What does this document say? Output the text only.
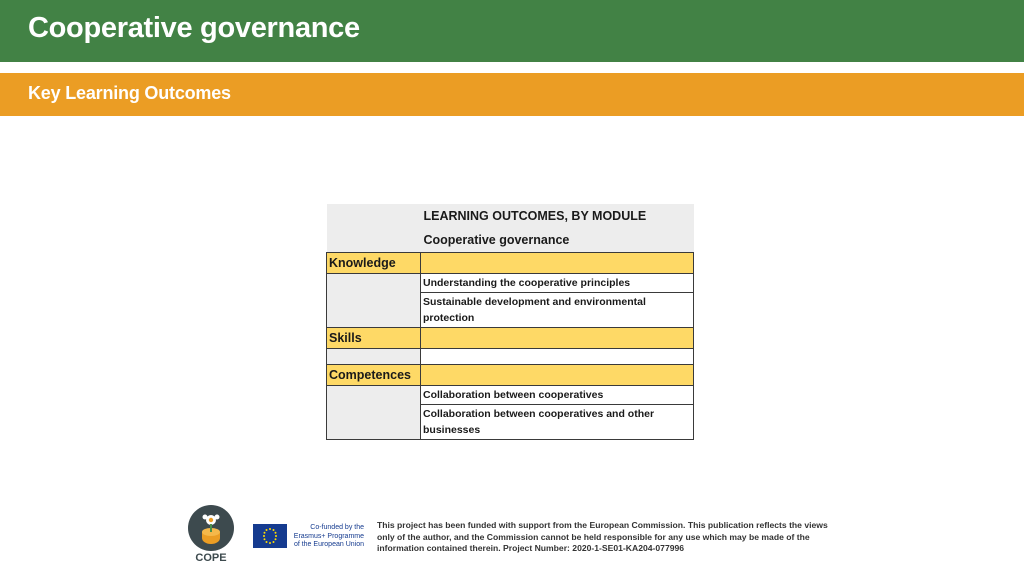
Cooperative governance
Key Learning Outcomes
	LEARNING OUTCOMES, BY MODULE
	Cooperative governance
Knowledge	
	Understanding the cooperative principles
	Sustainable development and environmental protection
Skills	

Competences	
	Collaboration between cooperatives
	Collaboration between cooperatives and other businesses
COPE
Co-funded by the
Erasmus+ Programme
of the European Union
This project has been funded with support from the European Commission. This publication reflects the views only of the author, and the Commission cannot be held responsible for any use which may be made of the information contained therein. Project Number: 2020-1-SE01-KA204-077996
